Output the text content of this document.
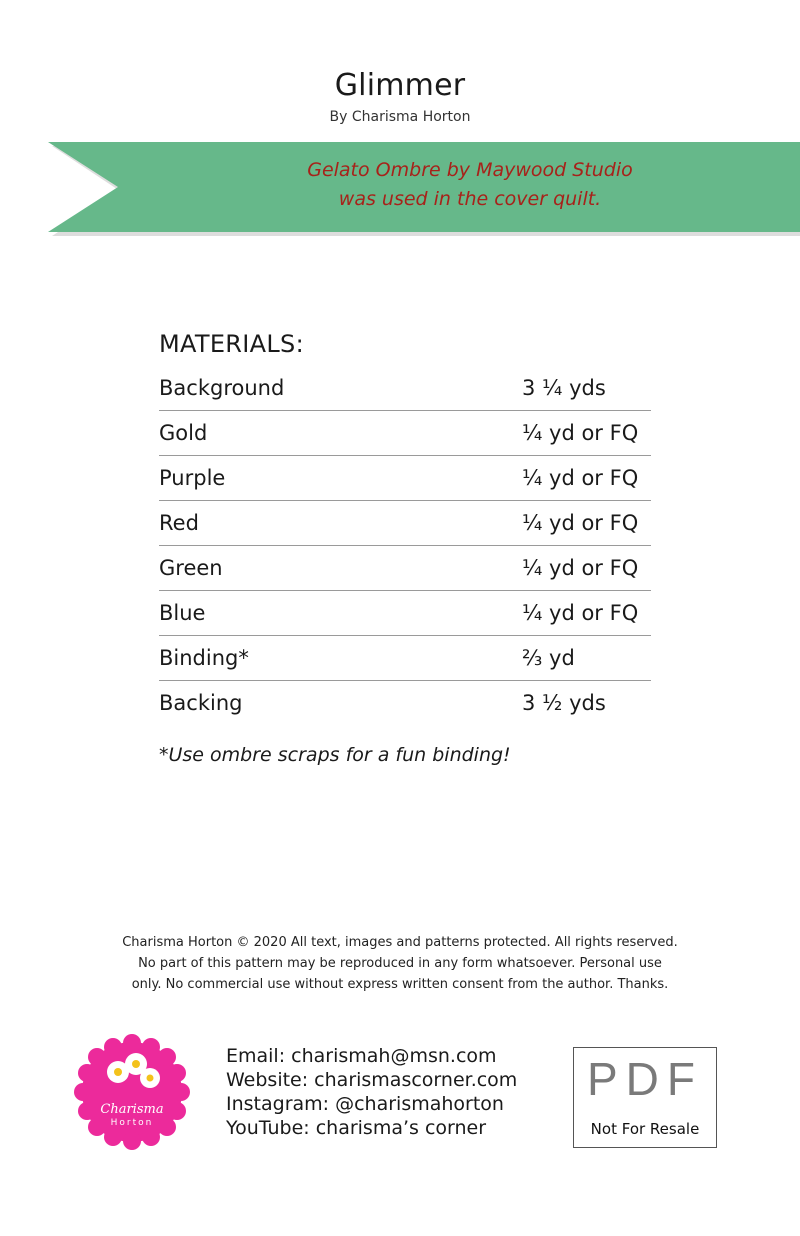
Glimmer
By Charisma Horton
Gelato Ombre by Maywood Studio
was used in the cover quilt.
MATERIALS:
Background	3 ¼ yds
Gold	¼ yd or FQ
Purple	¼ yd or FQ
Red	¼ yd or FQ
Green	¼ yd or FQ
Blue	¼ yd or FQ
Binding*	⅔ yd
Backing	3 ½ yds
*Use ombre scraps for a fun binding!
Charisma Horton © 2020 All text, images and patterns protected. All rights reserved.
No part of this pattern may be reproduced in any form whatsoever. Personal use
only. No commercial use without express written consent from the author. Thanks.
Charisma
Horton
Email: charismah@msn.com
Website: charismascorner.com
Instagram: @charismahorton
YouTube: charisma’s corner
PDF
Not For Resale
